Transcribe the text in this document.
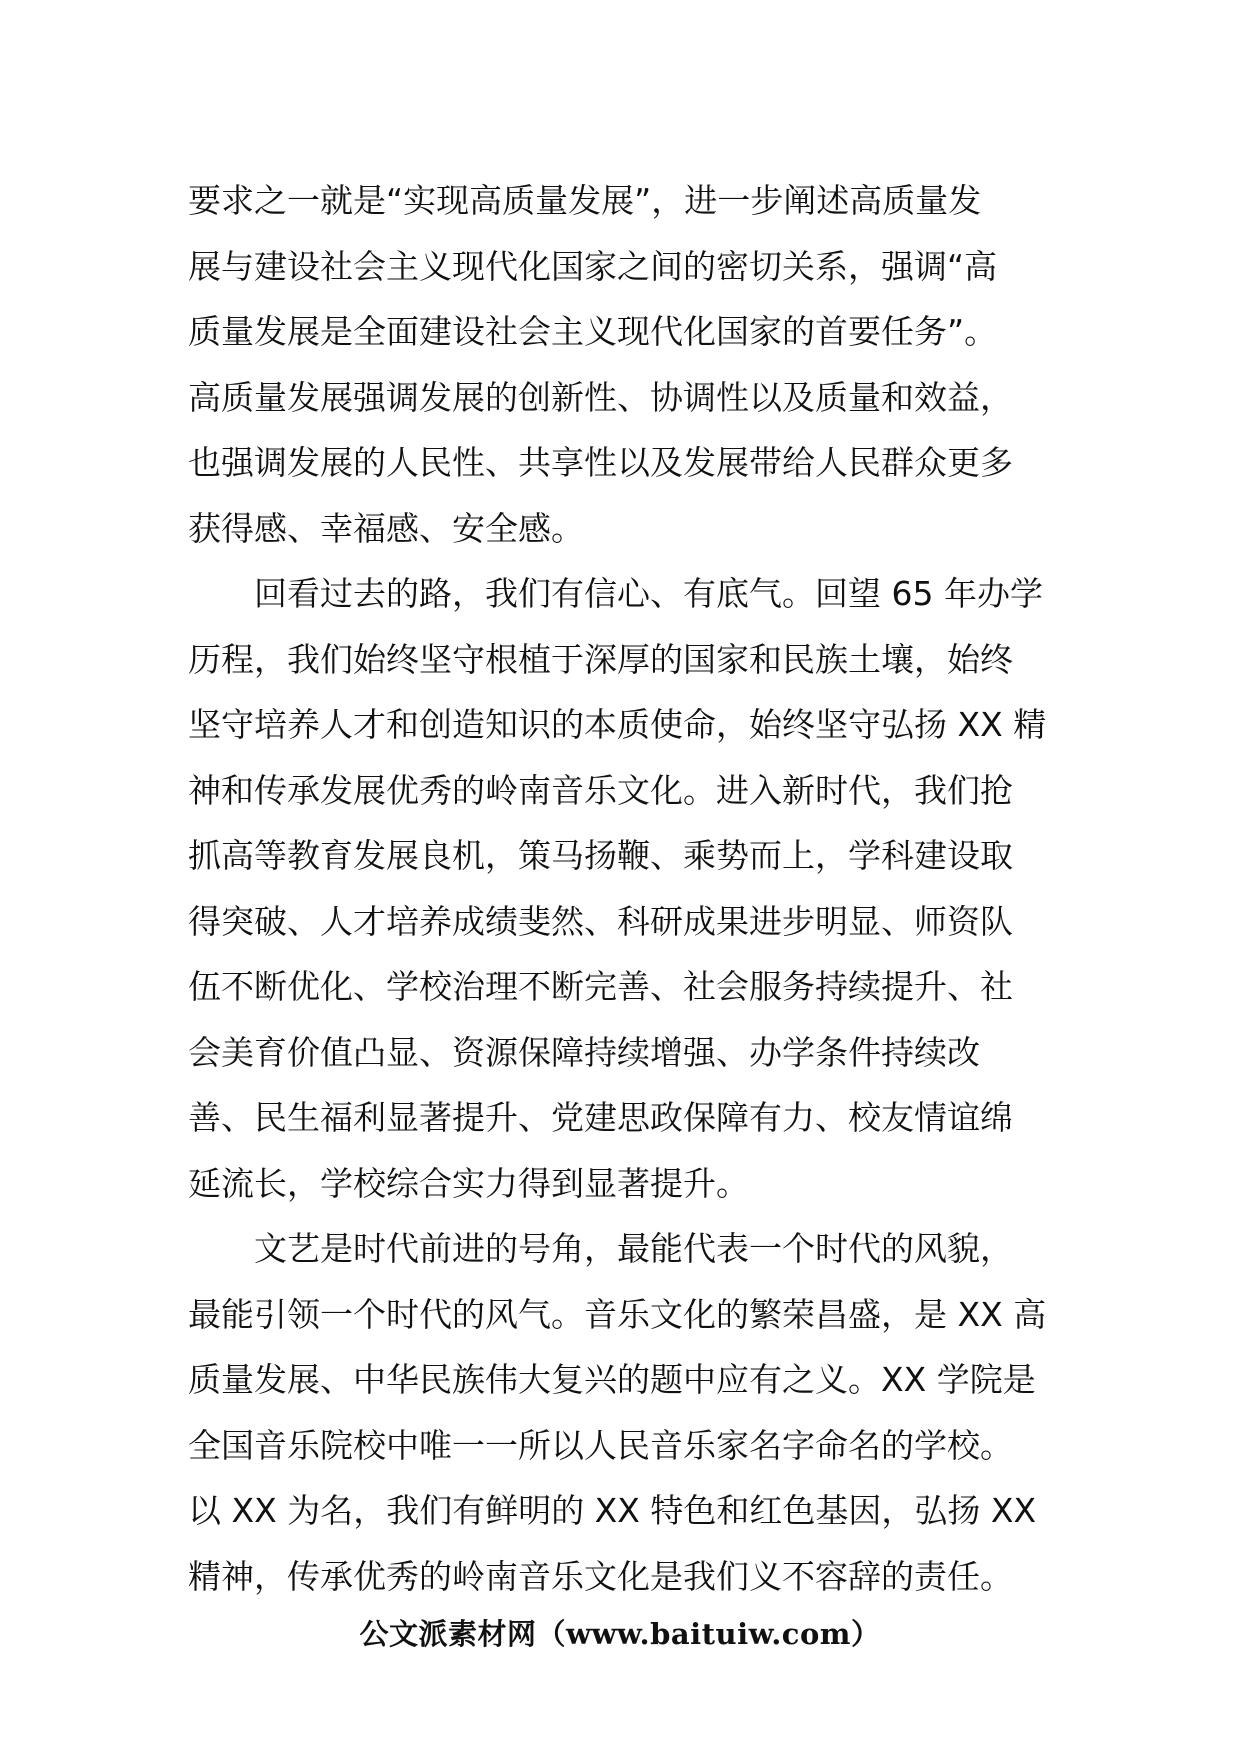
要求之一就是“实现高质量发展”，进一步阐述高质量发
展与建设社会主义现代化国家之间的密切关系，强调“高
质量发展是全面建设社会主义现代化国家的首要任务”。
高质量发展强调发展的创新性、协调性以及质量和效益，
也强调发展的人民性、共享性以及发展带给人民群众更多
获得感、幸福感、安全感。
回看过去的路，我们有信心、有底气。回望 65 年办学
历程，我们始终坚守根植于深厚的国家和民族土壤，始终
坚守培养人才和创造知识的本质使命，始终坚守弘扬 XX 精
神和传承发展优秀的岭南音乐文化。进入新时代，我们抢
抓高等教育发展良机，策马扬鞭、乘势而上，学科建设取
得突破、人才培养成绩斐然、科研成果进步明显、师资队
伍不断优化、学校治理不断完善、社会服务持续提升、社
会美育价值凸显、资源保障持续增强、办学条件持续改
善、民生福利显著提升、党建思政保障有力、校友情谊绵
延流长，学校综合实力得到显著提升。
文艺是时代前进的号角，最能代表一个时代的风貌，
最能引领一个时代的风气。音乐文化的繁荣昌盛，是 XX 高
质量发展、中华民族伟大复兴的题中应有之义。XX 学院是
全国音乐院校中唯一一所以人民音乐家名字命名的学校。
以 XX 为名，我们有鲜明的 XX 特色和红色基因，弘扬 XX
精神，传承优秀的岭南音乐文化是我们义不容辞的责任。
公文派素材网（www.baituiw.com）
